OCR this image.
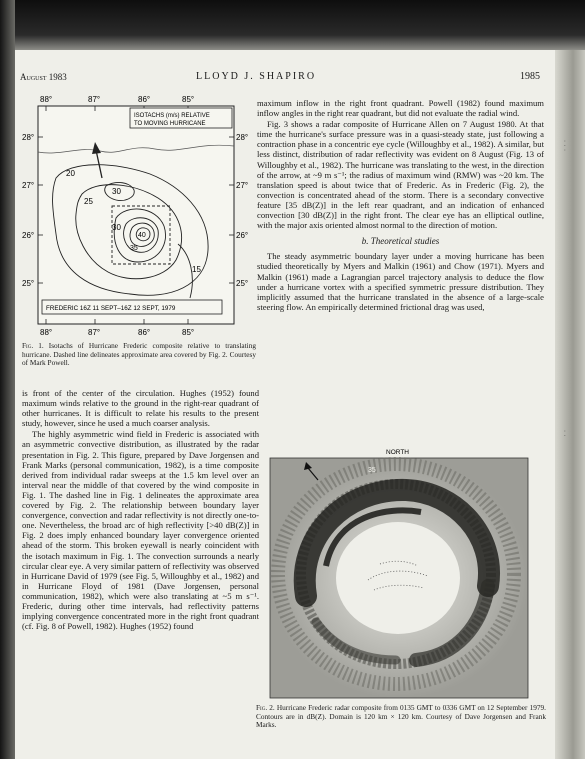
· · ·
· ·
August 1983	LLOYD J. SHAPIRO	1985
88°	87°	86°	85°
88°	87°	86°	85°
28°
27°
26°
25°
28°
27°
26°
25°
ISOTACHS (m/s) RELATIVE
TO MOVING HURRICANE
20
25
30
30
35
40
15
FREDERIC 16Z 11 SEPT–16Z 12 SEPT, 1979
Fig. 1. Isotachs of Hurricane Frederic composite relative to translating hurricane. Dashed line delineates approximate area covered by Fig. 2. Courtesy of Mark Powell.

is front of the center of the circulation. Hughes (1952) found maximum winds relative to the ground in the right-rear quadrant of other hurricanes. It is difficult to relate his results to the present study, however, since he used a much coarser analysis.

The highly asymmetric wind field in Frederic is associated with an asymmetric convective distribution, as illustrated by the radar presentation in Fig. 2. This figure, prepared by Dave Jorgensen and Frank Marks (personal communication, 1982), is a time composite derived from individual radar sweeps at the 1.5 km level over an interval near the middle of that covered by the wind composite in Fig. 1. The dashed line in Fig. 1 delineates the approximate area covered by Fig. 2. The relationship between boundary layer convergence, convection and radar reflectivity is not directly one-to-one. Nevertheless, the broad arc of high reflectivity [>40 dB(Z)] in Fig. 2 does imply enhanced boundary layer convergence oriented ahead of the storm. This broken eyewall is nearly coincident with the isotach maximum in Fig. 1. The convection surrounds a nearly circular clear eye. A very similar pattern of reflectivity was observed in Hurricane David of 1979 (see Fig. 5, Willoughby et al., 1982) and in Hurricane Floyd of 1981 (Dave Jorgensen, personal communication, 1982), which were also translating at ~5 m s⁻¹. Frederic, during other time intervals, had reflectivity patterns implying convergence concentrated more in the right front quadrant (cf. Fig. 8 of Powell, 1982). Hughes (1952) found

maximum inflow in the right front quadrant. Powell (1982) found maximum inflow angles in the right rear quadrant, but did not evaluate the radial wind.

Fig. 3 shows a radar composite of Hurricane Allen on 7 August 1980. At that time the hurricane's surface pressure was in a quasi-steady state, just following a contraction phase in a concentric eye cycle (Willoughby et al., 1982). A similar, but less distinct, distribution of radar reflectivity was evident on 8 August (Fig. 13 of Willoughby et al., 1982). The hurricane was translating to the west, in the direction of the arrow, at ~9 m s⁻¹; the radius of maximum wind (RMW) was ~20 km. The translation speed is about twice that of Frederic. As in Frederic (Fig. 2), the convection is concentrated ahead of the storm. There is a secondary convective feature [35 dB(Z)] in the left rear quadrant, and an indication of enhanced convection [30 dB(Z)] in the right front. The clear eye has an elliptical outline, with the major axis oriented almost normal to the direction of motion.

b. Theoretical studies

The steady asymmetric boundary layer under a moving hurricane has been studied theoretically by Myers and Malkin (1961) and Chow (1971). Myers and Malkin (1961) made a Lagrangian parcel trajectory analysis to deduce the flow under a hurricane vortex with a specified symmetric pressure distribution. They implicitly assumed that the hurricane translated in the absence of a large-scale steering flow. An empirically determined frictional drag was used,

NORTH
35
Fig. 2. Hurricane Frederic radar composite from 0135 GMT to 0336 GMT on 12 September 1979. Contours are in dB(Z). Domain is 120 km × 120 km. Courtesy of Dave Jorgensen and Frank Marks.
